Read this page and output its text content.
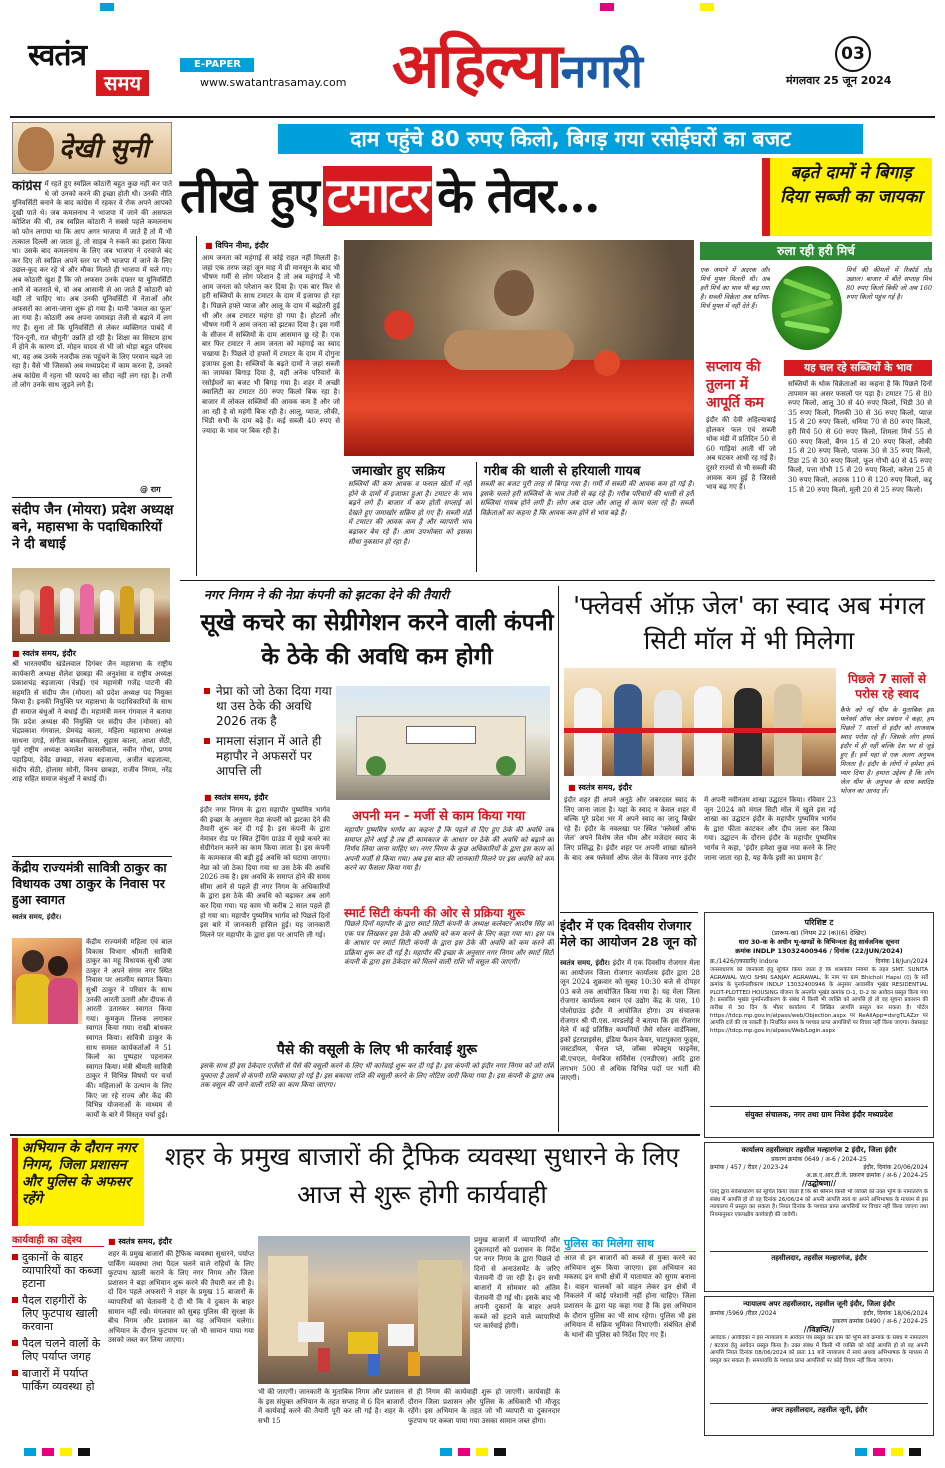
स्वतंत्र
समय
E-PAPER
www.swatantrasamay.com अहिल्यानगरी	03
मंगलवार 25 जून 2024
देखी सुनी
कांग्रेस में रहते हुए स्वप्निल कोठारी बहुत कुछ नहीं कर पाते थे जो उनको करने की इच्छा होती थी। उनकी नीति युनिवर्सिटी बनाने के बाद कांग्रेस में रहकर वे रोक अपने आपको दुखी पाते थे। जब कमलनाथ ने भाजपा में जाने की असफल कोशिश की थी, तब स्वप्निल कोठारी ने सबसे पहले कमलनाथ को फोन लगाया था कि आप अगर भाजपा में जाते हैं तो मैं भी तत्काल दिल्ली आ जाता हूं, तो साहब ने रुकने का इशारा किया था। उसके बाद कमलनाथ के लिए जब भाजपा ने दरवाजे बंद कर दिए तो स्वप्निल अपने स्तर पर भी भाजपा में जाने के लिए उछल-कूद कर रहे थे और मौका मिलते ही भाजपा में चले गए। अब कोठारी खुश हैं कि जो अफसर उनके दफ्तर या यूनिवर्सिटी आने से कतराते थे, वो अब आसानी से आ जाते हैं कोठारी को यही तो चाहिए था। अब उनकी यूनिवर्सिटी में नेताओं और अफसरों का आना-जाना शुरू हो गया है। यानी 'कमल का फूल' आ गया है। कोठारी अब अपना जमावड़ा तेजी से बढ़ाने में लग गए हैं। सुना तो कि यूनिवर्सिटी से लेकर व्यक्तिगत पाबंदें में 'दिन-दूनी, रात चौगुनी' उन्नति हो रही है। शिक्षा का सिस्टम हाथ में होने के कारण डॉ. मोहन यादव से भी जो थोड़ा बहुत परिचय था, वह अब उनके नजदीक तक पहुंचने के लिए परवान चढ़ने जा रहा है। वैसे भी जिसको अब मध्यप्रदेश में काम करना है, उनको अब कांग्रेस में रहना भी फायदे का सौदा नहीं लग रहा है। तभी तो लोग उनके साथ जुड़ने लगे हैं।
@ राग
संदीप जैन (मोयरा) प्रदेश अध्यक्ष बने, महासभा के पदाधिकारियों ने दी बधाई
■ स्वतंत्र समय, इंदौर
श्री भारतवर्षीय खंडेलवाल दिगंबर जैन महासभा के राष्ट्रीय कार्यकारी अध्यक्ष शैलेश छाबड़ा की अनुशंसा व राष्ट्रीय अध्यक्ष प्रकाशचंद्र बड़जात्या (चेन्नई) एवं महामंत्री गजेंद्र पाटनी की सहमति से संदीप जैन (मोयरा) को प्रदेश अध्यक्ष पद नियुक्त किया है। इनकी नियुक्ति पर महासभा के पदाधिकारियों के साथ ही समाज बंधुओं ने बधाई दी। महामंत्री मनन गंगवाल ने बताया कि प्रदेश अध्यक्ष की नियुक्ति पर संदीप जैन (मोयरा) को चंद्रप्रकाश गंगवाल, प्रेमचंद्र काला, महिला महासभा अध्यक्ष साधना दगड़े, संगीता बाकलीवाल, सुहास काला, आशा सेठी, पूर्व राष्ट्रीय अध्यक्ष कमलेश कासलीवाल, नवीन गोधा, प्रणय पहाड़िया, देवेंद्र छाबड़ा, संजय बड़जात्या, अजीत बड़जात्या, संदीप सेठी, होलास सोनी, विनय छाबड़ा, राजीव निगम, नरेंद्र शाह सहित समाज बंधुओं ने बधाई दी।
केंद्रीय राज्यमंत्री सावित्री ठाकुर का विधायक उषा ठाकुर के निवास पर हुआ स्वागत
स्वतंत्र समय, इंदौर।
केंद्रीय राज्यमंत्री महिला एवं बाल विकास विभाग श्रीमती सावित्री ठाकुर का महू विधायक सुश्री उषा ठाकुर ने अपने संगम नगर स्थित निवास पर आत्मीय स्वागत किया। सुश्री ठाकुर ने परिवार के साथ उनकी आरती उतारी और दीपक से आरती उतारकर स्वागत किया गया। कुमकुम तिलक लगाकर स्वागत किया गया। राखी बांधकर स्वागत किया। सावित्री ठाकुर के साथ समस्त कार्यकर्ताओं ने 51 किलो का पुष्पहार पहनाकर स्वागत किया। मंत्री श्रीमती सावित्री ठाकुर ने विभिन्न विषयों पर चर्चा की। महिलाओं के उत्थान के लिए किए जा रहे राज्य और केंद्र की विभिन्न योजनाओं के माध्यम से कार्यों के बारे में विस्तृत चर्चा हुई।
दाम पहुंचे 80 रुपए किलो, बिगड़ गया रसोईघरों का बजट
तीखे हुए टमाटर के तेवर...
■ विपिन नीमा, इंदौर
आम जनता को महंगाई से कोई राहत नहीं मिलती है। जहां एक तरफ जहां जून माह में प्री मानसून के बाद भी भीषण गर्मी से लोग परेशान है तो अब महंगाई ने भी आम जनता को परेशान कर दिया है। एक बार फिर से हरी सब्जियों के साथ टमाटर के दाम में इजाफा हो रहा है। पिछले हफ्ते प्याज और आलू के दाम में बढ़ोतरी हुई थी और अब टमाटर महंगा हो गया है। होटलों और भीषण गर्मी ने आम जनता को झटका दिया है। इस गर्मी के सीजन में सब्जियों के दाम आसमान छू रहे हैं। एक बार फिर टमाटर ने आम जनता को महंगाई का स्वाद चखाया है। पिछले दो हफ्तों में टमाटर के दाम में दोगुना इजाफा हुआ है। सब्जियों के बढ़ते दामों ने जहां सब्जी का जायका बिगाड़ दिया है, वहीं अनेक परिवारों के रसोईघरों का बजट भी बिगड़ गया है। शहर में अच्छी क्वालिटी का टमाटर 80 रुपए किलो बिक रहा है। बाजार में लोकल सब्जियों की आवक कम है और जो आ रही है वो महंगी बिक रही है। आलू, प्याज, लौकी, भिंडी सभी के दाम बढ़े हैं। कई सब्जी 40 रुपए से ज्यादा के भाव पर बिक रही है।
जमाखोर हुए सक्रिय
सब्जियों की कम आवक व फसल खेतों में नहीं होने के दामों में इजाफा हुआ है। टमाटर के भाव बढ़ने लगे हैं। बाजार में कम होती सप्लाई को देखते हुए जमाखोर सक्रिय हो गए हैं। सब्जी मंडी में टमाटर की आवक कम है और व्यापारी भाव बढ़ाकर बेच रहे हैं। आम उपभोक्ता को इसका सीधा नुकसान हो रहा है।
गरीब की थाली से हरियाली गायब
सब्जी का बजट पूरी तरह से बिगड़ गया है। गर्मी में सब्जी की आवक कम हो गई है। इसके चलते हरी सब्जियों के भाव तेजी से बढ़ रहे हैं। गरीब परिवारों की थाली से हरी सब्जियां गायब होने लगी हैं। लोग अब दाल और आलू से काम चला रहे हैं। सब्जी विक्रेताओं का कहना है कि आवक कम होने से भाव बढ़े हैं।
बढ़ते दामों ने बिगाड़ दिया सब्जी का जायका
रुला रही हरी मिर्च
एक जमाने में अदरक और मिर्च मुफ्त मिलती थी। अब हरी मिर्च का भाव भी बढ़ गया है। सब्जी विक्रेता अब धनिया-मिर्च मुफ्त में नहीं देते हैं।
मिर्च की कीमतों में रिकॉर्ड तोड़ उछाल। बाजार में बीते सप्ताह मिर्च 80 रुपए किलो बिकी जो अब 160 रुपए किलो पहुंच गई है।
सप्लाय की तुलना में आपूर्ति कम
इंदौर की देवी अहिल्याबाई होलकर फल एवं सब्जी थोक मंडी में प्रतिदिन 50 से 60 गाड़ियां आती थीं जो अब घटकर आधी रह गई हैं। दूसरे राज्यों से भी सब्जी की आवक कम हुई है जिससे भाव बढ़ गए हैं।
यह चल रहे सब्जियों के भाव
सब्जियों के थोक विक्रेताओं का कहना है कि पिछले दिनों तापमान का असर फसलों पर पड़ा है। टमाटर 75 से 80 रुपए किलो, आलू 30 से 40 रुपए किलो, भिंडी 30 से 35 रुपए किलो, गिलकी 30 से 36 रुपए किलो, प्याज 15 से 20 रुपए किलो, धनिया 70 से 80 रुपए किलो, हरी मिर्च 50 से 60 रुपए किलो, शिमला मिर्च 55 से 60 रुपए किलो, बैंगन 15 से 20 रुपए किलो, लौकी 15 से 20 रुपए किलो, पालक 30 से 35 रुपए किलो, टिंडा 25 से 30 रुपए किलो, फूल गोभी 40 से 45 रुपए किलो, पत्ता गोभी 15 से 20 रुपए किलो, करेला 25 से 30 रुपए किलो, अदरक 110 से 120 रुपए किलो, कद्दू 15 से 20 रुपए किलो, मूली 20 से 25 रुपए किलो।
नगर निगम ने की नेप्रा कंपनी को झटका देने की तैयारी
सूखे कचरे का सेग्रीगेशन करने वाली कंपनी के ठेके की अवधि कम होगी
नेप्रा को जो ठेका दिया गया था उस ठेके की अवधि 2026 तक है
मामला संज्ञान में आते ही महापौर ने अफसरों पर आपत्ति ली
■ स्वतंत्र समय, इंदौर
इंदौर नगर निगम के द्वारा महापौर पुष्यमित्र भार्गव की इच्छा के अनुसार नेप्रा कंपनी को झटका देने की तैयारी शुरू कर दी गई है। इस कंपनी के द्वारा नेमावर रोड पर स्थित ट्रेंचिंग ग्राउंड में सूखे कचरे का सेग्रीगेशन करने का काम किया जाता है। इस कंपनी के कामकाज की बड़ी हुई अवधि को घटाया जाएगा। नेप्रा को जो ठेका दिया गया था उस ठेके की अवधि 2026 तक है। इस अवधि के समाप्त होने की समय सीमा आने से पहले ही नगर निगम के अधिकारियों के द्वारा इस ठेके की अवधि को बढ़ाकर अब आगे कर दिया गया। यह काम भी करीब 2 साल पहले ही हो गया था। महापौर पुष्यमित्र भार्गव को पिछले दिनों इस बारे में जानकारी हासिल हुई। यह जानकारी मिलने पर महापौर के द्वारा इस पर आपत्ति ली गई।
अपनी मन - मर्जी से काम किया गया
महापौर पुष्यमित्र भार्गव का कहना है कि पहले से दिए हुए ठेके की अवधि जब समाप्त होने आई है तब ही कामकाज के आधार पर ठेके की अवधि को बढ़ाने का निर्णय लिया जाना चाहिए था। नगर निगम के कुछ अधिकारियों के द्वारा इस काम को अपनी मर्जी से किया गया। अब इस बात की जानकारी मिलने पर इस अवधि को कम करने का फैसला किया गया है।
स्मार्ट सिटी कंपनी की ओर से प्रक्रिया शुरू
पिछले दिनों महापौर के द्वारा स्मार्ट सिटी कंपनी के अध्यक्ष कलेक्टर आशीष सिंह को एक पत्र लिखकर इस ठेके की अवधि को कम करने के लिए कहा गया था। इस पत्र के आधार पर स्मार्ट सिटी कंपनी के द्वारा इस ठेके की अवधि को कम करने की प्रक्रिया शुरू कर दी गई है। महापौर की इच्छा के अनुसार नगर निगम और स्मार्ट सिटी कंपनी के द्वारा इस ठेकेदार को मिलने वाली राशि भी वसूल की जाएगी।
पैसे की वसूली के लिए भी कार्रवाई शुरू
इसके साथ ही इस ठेकेदार एजेंसी से पैसे की वसूली करने के लिए भी कार्रवाई शुरू कर दी गई है। इस कंपनी को इंदौर नगर निगम को जो राशि चुकाना है उसमें से कंपनी राशि बकाया हो गई है। इस बकाया राशि की वसूली करने के लिए नोटिस जारी किया गया है। इस कंपनी के द्वारा अब तक वसूल की जाने वाली राशि का काम किया जाएगा।
'फ्लेवर्स ऑफ़ जेल' का स्वाद अब मंगल सिटी मॉल में भी मिलेगा
■ स्वतंत्र समय, इंदौर
इंदौर शहर ही अपने अनूठे और जबरदस्त स्वाद के लिए जाना जाता है। यहां के स्वाद न केवल शहर में बल्कि पूरे प्रदेश भर में अपने स्वाद का जादू बिखेर रहे हैं। इंदौर के नवलखा पर स्थित 'फ्लेवर्स ऑफ जेल' अपने विशेष जेल थीम और मजेदार स्वाद के लिए प्रसिद्ध है। इंदौर शहर पर अपनी शाखा खोलने के बाद अब फ्लेवर्स ऑफ जेल के विजय नगर इंदौर में अपनी नवीनतम शाखा उद्घाटन किया। रविवार 23 जून 2024 को मंगल सिटी मॉल में खुले इस नई शाखा का उद्घाटन इंदौर के महापौर पुष्यमित्र भार्गव के द्वारा फीता काटकर और दीप जला कर किया गया। उद्घाटन के दौरान इंदौर के महापौर पुष्यमित्र भार्गव ने कहा, 'इंदौर हमेशा कुछ नया करने के लिए जाना जाता रहा है, यह कैफे इसी का प्रमाण है।'
पिछले 7 सालों से परोस रहे स्वाद
कैफे को नई थीम के मुताबिक इस फ्लेवर्स ऑफ जेल प्रबंधन ने कहा, हम पिछले 7 सालों से इंदौर को लाजवाब स्वाद परोस रहे हैं। जिसके लोग हमसे इंदौर में ही नहीं बल्कि देश भर से जुड़े हुए हैं। हमें यहां से एक अलग अनुभव मिलता है। इंदौर के लोगों ने हमेशा हमें प्यार दिया है। हमारा उद्देश्य है कि लोग जेल थीम के अनुभव के साथ स्वादिष्ट भोजन का आनंद लें।
इंदौर में एक दिवसीय रोजगार मेले का आयोजन 28 जून को
स्वतंत्र समय, इंदौर। इंदौर में एक दिवसीय रोजगार मेला का आयोजन जिला रोजगार कार्यालय इंदौर द्वारा 28 जून 2024 शुक्रवार को सुबह 10:30 बजे से दोपहर 03 बजे तक आयोजित किया गया है। यह मेला जिला रोजगार कार्यालय स्थान एवं उद्योग केंद्र के पास, 10 पोलोग्राउंड इंदौर में आयोजित होगा। उप संचालक रोजगार श्री पी.एस. मण्डलोई ने बताया कि इस रोजगार मेले में कई प्रतिष्ठित कम्पनियों जैसे सोलर वार्डनिक्स, इको इंटरप्राइसेस, इंडिया फैशन केयर, चाटपुकारा फूड्स, जस्टडॉयल, चैनल प्ले, जॉब्स स्पेक्ट्रम फाइनेंस, बी.एचएल, मेनबिज सर्विसेस (एनडीएस) आदि द्वारा लगभग 500 से अधिक विभिन्न पदों पर भर्ती की जाएगी।
परिशिष्ट ट
(प्रारूप-ख) (नियम 22 (क)(6) देखिए)
धारा 30-क के अधीन भू-खण्डों के विभिन्‍नता हेतु सार्वजनिक सूचना
क्रमांक INDLP 13032400946 / दिनांक (22/JUN/2024)
क्र./1426/ज़्काग्रानि/ Indore	दिनांक 18/Jun/2024
जनसाधारण को जानकारी हेतु सूचित किया जाता है कि शासकीय नियमों के तहत SMT. SUNITA AGRAWAL W/O SHRI SANJAY AGRAWAL, के नाम पर ग्राम Bhicholi Hapsi (द) के सर्वे क्रमांक के पुनर्घनत्वीकरण INDLP 13032400946 के अनुसार आवासीय भूखंड RESIDENTIAL PLOT-PLOTTED HOUSING योजना के अन्तर्गत भूखंड क्रमांक D-1, D-2 का आवेदन प्रस्तुत किया गया है। प्रस्तावित भूखंड पुनर्घनत्वीकरण के संबंध में किसी भी व्यक्ति को आपत्ति हो तो वह सूचना प्रकाशन की तारीख से 30 दिन के भीतर कार्यालय में लिखित आपत्ति प्रस्तुत कर सकता है। पोर्टल https://tdcp.mp.gov.in/alpass/web/Objection.aspx पर ReAllApp=dsrgTLAZzr पर आपत्ति दर्ज की जा सकती है। निर्धारित समय के पश्चात प्राप्त आपत्तियों पर विचार नहीं किया जाएगा। वेबसाइट https://tdcp.mp.gov.in/alpass/Web/Login.aspx
संयुक्त संचालक, नगर तथा ग्राम निवेश इंदौर मध्यप्रदेश
कार्यालय तहसीलदार तहसील मल्हारगंज 2 इंदौर, जिला इंदौर
प्रकरण क्रमांक 0649 / अ-6 / 2024-25
क्रमांक / 457 / रीडर / 2023-24	इंदौर, दिनांक 20/06/2024
अ.क्र.ए.आर.टी.जे. प्रकरण क्रमांक / अ-6 / 2024-25
//उद्घोषणा//
एतद् द्वारा सर्वसाधारण को सूचित किया जाता है कि श्री श्रीमान किसी भी व्यक्ति को उक्त भूमि के नामांतरण के संबंध में आपत्ति हो तो वह दिनांक 26/06/24 को अपनी आपत्ति स्वयं या अपने अभिभाषक के माध्यम से इस न्यायालय में प्रस्तुत कर सकता है। नियत दिनांक के पश्चात प्राप्त आपत्तियों पर विचार नहीं किया जाएगा तथा नियमानुसार एकपक्षीय कार्यवाही की जावेगी।
तहसीलदार, तहसील मल्हारगंज, इंदौर
न्यायालय अपर तहसीलदार, तहसील जूनी इंदौर, जिला इंदौर
क्रमांक /5969 /रीडर /2024	इंदौर, दिनांक 18/06/2024
प्रकरण क्रमांक 0490 / अ-6 / 2024-25
//विज्ञप्ति//
आवेदक / आवेदिका ने इस न्यायालय में आवेदन पत्र प्रस्तुत कर ग्राम की भूमि सर्वे क्रमांक के संबंध में नामांतरण / बटवारा हेतु आवेदन प्रस्तुत किया है। उक्त संबंध में किसी भी व्यक्ति को कोई आपत्ति हो तो वह अपनी आपत्ति नियत दिनांक 08/06/2024 को प्रातः 11 बजे न्यायालय में स्वयं अथवा अभिभाषक के माध्यम से प्रस्तुत कर सकता है। समयावधि के पश्चात प्राप्त आपत्तियों पर कोई विचार नहीं किया जाएगा।
अपर तहसीलदार, तहसील जूनी, इंदौर
अभियान के दौरान नगर निगम, जिला प्रशासन और पुलिस के अफसर रहेंगे
शहर के प्रमुख बाजारों की ट्रैफिक व्यवस्था सुधारने के लिए आज से शुरू होगी कार्यवाही
कार्यवाही का उद्देश्य
दुकानों के बाहर व्यापारियों का कब्जा हटाना
पैदल राहगीरों के लिए फुटपाथ खाली करवाना
पैदल चलने वालों के लिए पर्याप्त जगह
बाजारों में पर्याप्त पार्किंग व्यवस्था हो
■ स्वतंत्र समय, इंदौर
शहर के प्रमुख बाजारों की ट्रैफिक व्यवस्था सुधारने, पर्याप्त पार्किंग व्यवस्था तथा पैदल चलने वाले राहियों के लिए फुटपाथ खाली कराने के लिए नगर निगम और जिला प्रशासन ने बड़ा अभियान शुरू करने की तैयारी कर ली है। दो दिन पहले अफसरों ने शहर के प्रमुख 15 बाजारों के व्यापारियों को चेतावनी दे दी थी कि वे दुकान के बाहर सामान नहीं रखें। मंगलवार को सुबह पुलिस की सुरक्षा के बीच निगम और प्रशासन का यह अभियान चलेगा। अभियान के दौरान फुटपाथ पर जो भी सामान पाया गया उसको जब्त कर लिया जाएगा।
भी की जाएगी। जानकारी के मुताबिक निगम और प्रशासन के इस संयुक्त अभियान के तहत सप्ताह में 6 दिन बाजारों में कार्यवाई करने की तैयारी पूरी कर ली गई है। शहर के सभी 15
प्रमुख बाजारों में व्यापारियों और दुकानदारों को प्रशासन के निर्देश पर नगर निगम के द्वारा पिछले दो दिनों से अनाउंसमेंट के जरिए चेतावनी दी जा रही है। इन सभी बाजारों में सोमवार को अंतिम चेतावनी दी गई थी। इसके बाद भी अपनी दुकानों के बाहर अपने कब्जे को हटाने वाले व्यापारियों पर कार्रवाई होगी।
से ही निगम की कार्यवाही शुरू हो जाएगी। कार्यवाही के दौरान जिला प्रशासन और पुलिस के अधिकारी भी मौजूद रहेंगे। इस अभियान के तहत जो भी व्यापारी या दुकानदार फुटपाथ पर कब्जा पाया गया उसका सामान जब्त होगा।
पुलिस का मिलेगा साथ
आज से इन बाजारों को कब्जे से मुक्त करने का अभियान शुरू किया जाएगा। इस अभियान का मकसद इन सभी क्षेत्रों में यातायात को सुगम बनाना है। वाहन चालकों को वाहन लेकर इन क्षेत्रों में निकलने में कोई परेशानी नहीं होना चाहिए। जिला प्रशासन के द्वारा यह कहा गया है कि इस अभियान के दौरान पुलिस का भी साथ रहेगा। पुलिस भी इस अभियान में सक्रिय भूमिका निभाएगी। संबंधित क्षेत्रों के थानों की पुलिस को निर्देश दिए गए हैं।
